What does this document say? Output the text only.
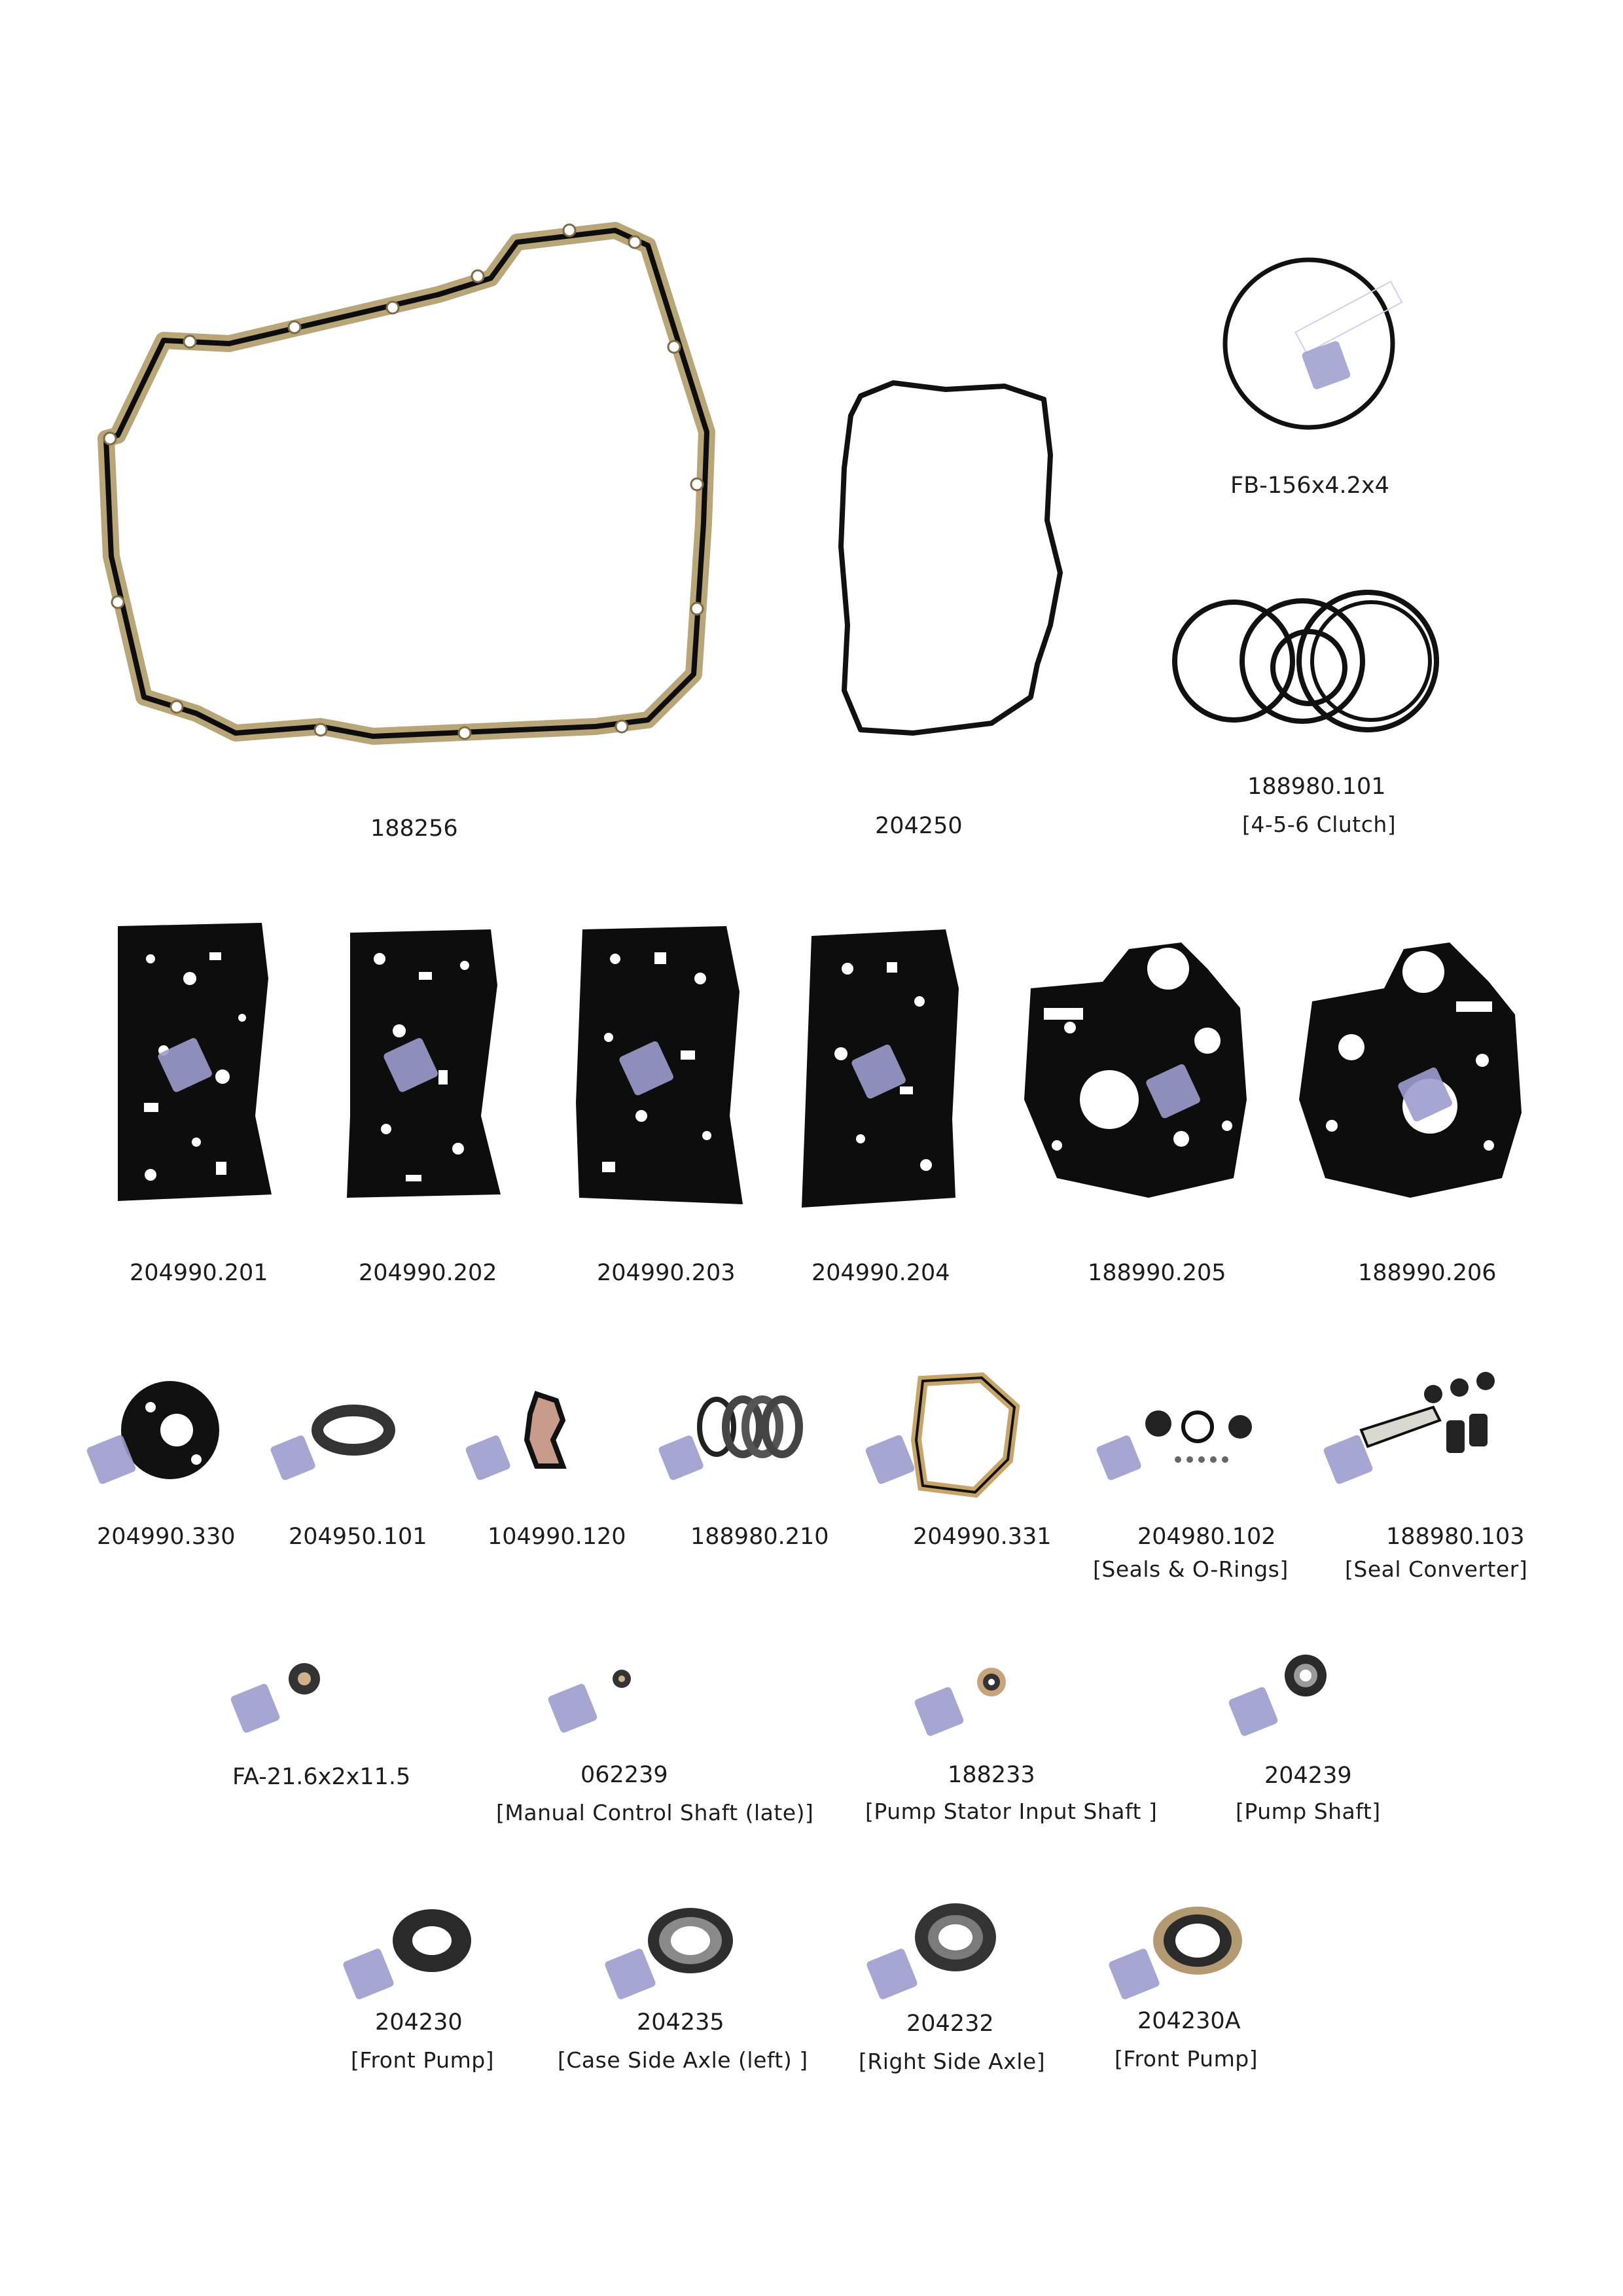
188256	204250
FB-156x4.2x4
188980.101
[4-5-6 Clutch]
204990.201	204990.202	204990.203	204990.204	188990.205	188990.206
204990.330 204950.101	104990.120	188980.210	204990.331	204980.102
[Seals & O-Rings]
188980.103
[Seal Converter]
FA-21.6x2x11.5	062239
[Manual Control Shaft (late)]
188233
[Pump Stator Input Shaft ]
204239
[Pump Shaft]
204230
[Front Pump]
204235
[Case Side Axle (left) ]
204232
[Right Side Axle]
204230A
[Front Pump]
